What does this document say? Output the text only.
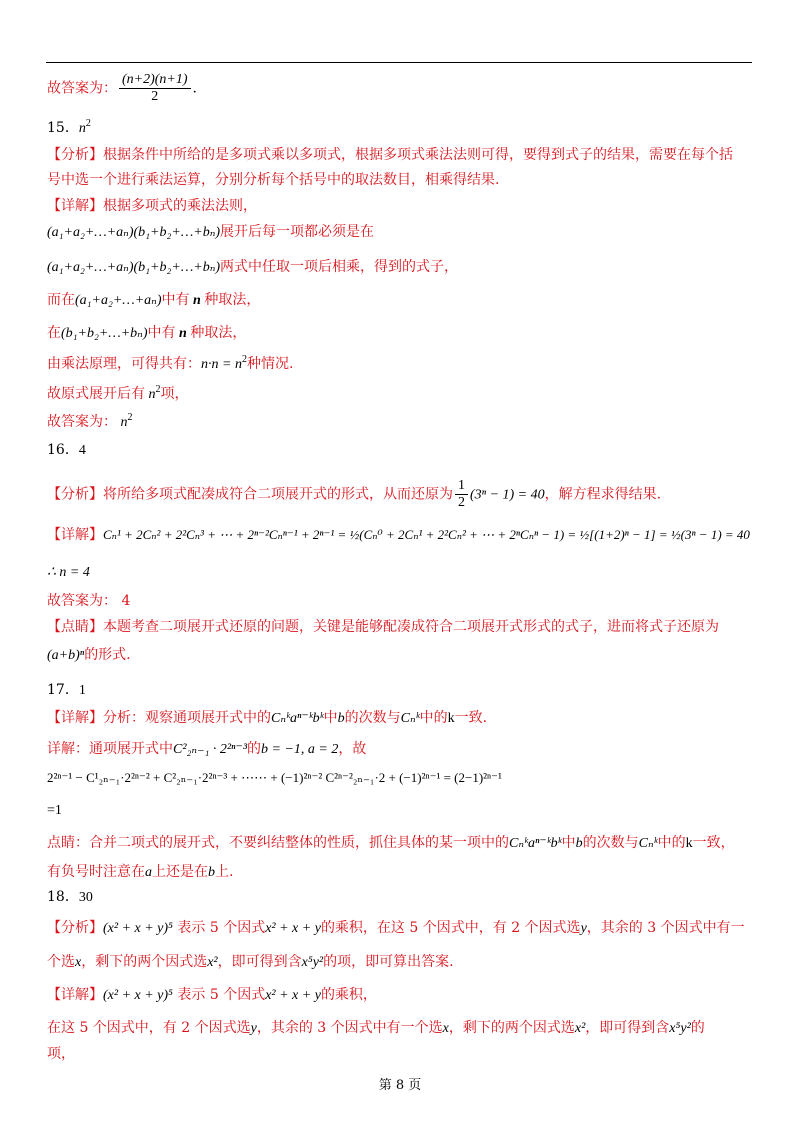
故答案为： $\frac{(n+2)(n+1)}{2}$ .
15．$n^2$
【分析】根据条件中所给的是多项式乘以多项式，根据多项式乘法法则可得，要得到式子的结果，需要在每个括
号中选一个进行乘法运算，分别分析每个括号中的取法数目，相乘得结果.
【详解】根据多项式的乘法法则，
(a₁+a₂+…+aₙ)(b₁+b₂+…+bₙ)展开后每一项都必须是在
(a₁+a₂+…+aₙ)(b₁+b₂+…+bₙ)两式中任取一项后相乘，得到的式子，
而在(a₁+a₂+…+aₙ)中有 n 种取法，
在(b₁+b₂+…+bₙ)中有 n 种取法，
由乘法原理，可得共有：$n\cdot n = n^2$种情况.
故原式展开后有 $n^2$项，
故答案为： $n^2$
16．4
【分析】将所给多项式配凑成符合二项展开式的形式，从而还原为 $\frac{1}{2} (3^n - 1) = 40$，解方程求得结果.
【详解】Cₙ¹ + 2Cₙ² + 2²Cₙ³ + ⋯ + 2ⁿ⁻²Cₙⁿ⁻¹ + 2ⁿ⁻¹ = ½(Cₙ⁰ + 2Cₙ¹ + 2²Cₙ² + ⋯ + 2ⁿCₙⁿ − 1) = ½[(1+2)ⁿ − 1] = ½(3ⁿ − 1) = 40
∴ n = 4
故答案为： 4
【点睛】本题考查二项展开式还原的问题，关键是能够配凑成符合二项展开式形式的式子，进而将式子还原为
(a+b)ⁿ的形式.
17．1
【详解】分析：观察通项展开式中的Cₙᵏaⁿ⁻ᵏbᵏ中b的次数与Cₙᵏ中的k一致.
详解：通项展开式中C²₂ₙ₋₁ · 2²ⁿ⁻³的b = −1, a = 2，故
2²ⁿ⁻¹ − C¹₂ₙ₋₁·2²ⁿ⁻² + C²₂ₙ₋₁·2²ⁿ⁻³ + ⋯⋯ + (−1)²ⁿ⁻² C²ⁿ⁻²₂ₙ₋₁·2 + (−1)²ⁿ⁻¹ = (2−1)²ⁿ⁻¹
=1
点睛：合并二项式的展开式，不要纠结整体的性质，抓住具体的某一项中的Cₙᵏaⁿ⁻ᵏbᵏ中b的次数与Cₙᵏ中的k一致，
有负号时注意在a上还是在b上.
18．30
【分析】(x² + x + y)⁵ 表示 5 个因式x² + x + y的乘积，在这 5 个因式中，有 2 个因式选y，其余的 3 个因式中有一
个选x，剩下的两个因式选x²，即可得到含x⁵y²的项，即可算出答案.
【详解】(x² + x + y)⁵ 表示 5 个因式x² + x + y的乘积，
在这 5 个因式中，有 2 个因式选y，其余的 3 个因式中有一个选x，剩下的两个因式选x²，即可得到含x⁵y²的
项，
第 8 页
